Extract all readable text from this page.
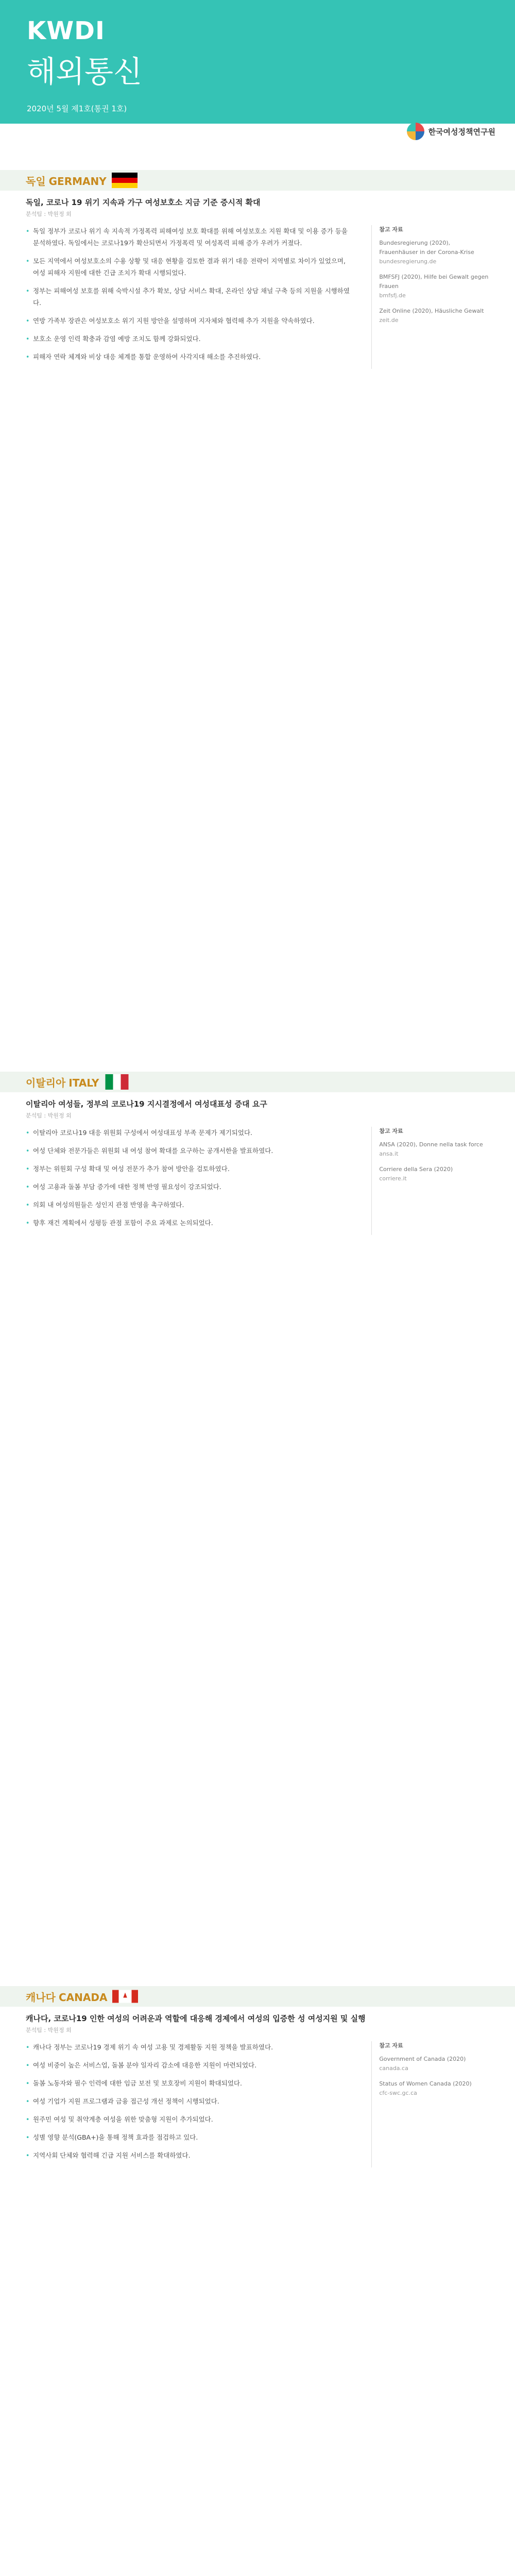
KWDI
해외통신
2020년 5월 제1호(통권 1호)
한국여성정책연구원
독일 GERMANY
독일, 코로나 19 위기 지속과 가구 여성보호소 지금 기준 증시적 확대
분석팀 : 박원정 외
• 독일 정부가 코로나 위기 속 지속적 가정폭력 피해여성 보호 확대를 위해 여성보호소 지원 확대 및 이용 증가 등을 분석하였다. 독일에서는 코로나19가 확산되면서 가정폭력 및 여성폭력 피해 증가 우려가 커졌다.
• 모든 지역에서 여성보호소의 수용 상황 및 대응 현황을 검토한 결과 위기 대응 전략이 지역별로 차이가 있었으며, 여성 피해자 지원에 대한 긴급 조치가 확대 시행되었다.
• 정부는 피해여성 보호를 위해 숙박시설 추가 확보, 상담 서비스 확대, 온라인 상담 채널 구축 등의 지원을 시행하였다.
• 연방 가족부 장관은 여성보호소 위기 지원 방안을 설명하며 지자체와 협력해 추가 지원을 약속하였다.
• 보호소 운영 인력 확충과 감염 예방 조치도 함께 강화되었다.
• 피해자 연락 체계와 비상 대응 체계를 통합 운영하여 사각지대 해소를 추진하였다.
참고 자료
Bundesregierung (2020), Frauenhäuser in der Corona-Krise
bundesregierung.de
BMFSFJ (2020), Hilfe bei Gewalt gegen Frauen
bmfsfj.de
Zeit Online (2020), Häusliche Gewalt
zeit.de
이탈리아 ITALY
이탈리아 여성들, 정부의 코로나19 지시결정에서 여성대표성 증대 요구
분석팀 : 박원정 외
• 이탈리아 코로나19 대응 위원회 구성에서 여성대표성 부족 문제가 제기되었다.
• 여성 단체와 전문가들은 위원회 내 여성 참여 확대를 요구하는 공개서한을 발표하였다.
• 정부는 위원회 구성 확대 및 여성 전문가 추가 참여 방안을 검토하였다.
• 여성 고용과 돌봄 부담 증가에 대한 정책 반영 필요성이 강조되었다.
• 의회 내 여성의원들은 성인지 관점 반영을 촉구하였다.
• 향후 재건 계획에서 성평등 관점 포함이 주요 과제로 논의되었다.
참고 자료
ANSA (2020), Donne nella task force
ansa.it
Corriere della Sera (2020)
corriere.it
캐나다 CANADA
캐나다, 코로나19 인한 여성의 어려운과 역할에 대응해 경제에서 여성의 입증한 성 여성지원 및 실행
분석팀 : 박원정 외
• 캐나다 정부는 코로나19 경제 위기 속 여성 고용 및 경제활동 지원 정책을 발표하였다.
• 여성 비중이 높은 서비스업, 돌봄 분야 일자리 감소에 대응한 지원이 마련되었다.
• 돌봄 노동자와 필수 인력에 대한 임금 보전 및 보호장비 지원이 확대되었다.
• 여성 기업가 지원 프로그램과 금융 접근성 개선 정책이 시행되었다.
• 원주민 여성 및 취약계층 여성을 위한 맞춤형 지원이 추가되었다.
• 성별 영향 분석(GBA+)을 통해 정책 효과를 점검하고 있다.
• 지역사회 단체와 협력해 긴급 지원 서비스를 확대하였다.
참고 자료
Government of Canada (2020)
canada.ca
Status of Women Canada (2020)
cfc-swc.gc.ca
